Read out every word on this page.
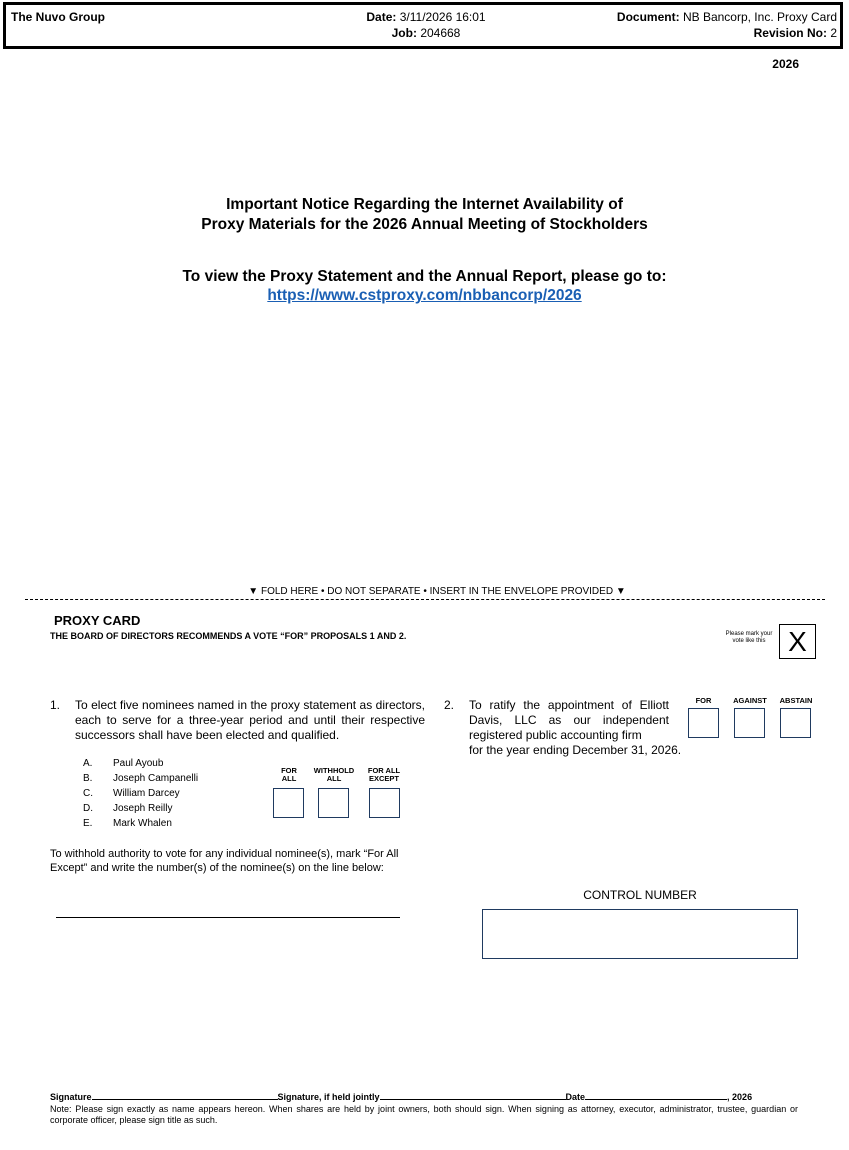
The Nuvo Group	Date: 3/11/2026 16:01
Job: 204668
Document: NB Bancorp, Inc. Proxy Card
Revision No: 2
2026
Important Notice Regarding the Internet Availability of
Proxy Materials for the 2026 Annual Meeting of Stockholders
To view the Proxy Statement and the Annual Report, please go to:
https://www.cstproxy.com/nbbancorp/2026
▼ FOLD HERE • DO NOT SEPARATE • INSERT IN THE ENVELOPE PROVIDED ▼
PROXY CARD
THE BOARD OF DIRECTORS RECOMMENDS A VOTE “FOR” PROPOSALS 1 AND 2.	Please mark your vote like this X
1. To elect five nominees named in the proxy statement as directors, each to serve for a three-year period and until their respective successors shall have been elected and qualified.
A. Paul Ayoub
B. Joseph Campanelli
C. William Darcey
D. Joseph Reilly
E. Mark Whalen
FOR
ALL
WITHHOLD
ALL
FOR ALL
EXCEPT
To withhold authority to vote for any individual nominee(s), mark “For All Except” and write the number(s) of the nominee(s) on the line below:
2. To ratify the appointment of Elliott Davis, LLC as our independent registered public accounting firm
for the year ending December 31, 2026.
FOR	AGAINST	ABSTAIN
CONTROL NUMBER
Signature	Signature, if held jointly	Date	, 2026
Note: Please sign exactly as name appears hereon. When shares are held by joint owners, both should sign. When signing as attorney, executor, administrator, trustee, guardian or corporate officer, please sign title as such.
